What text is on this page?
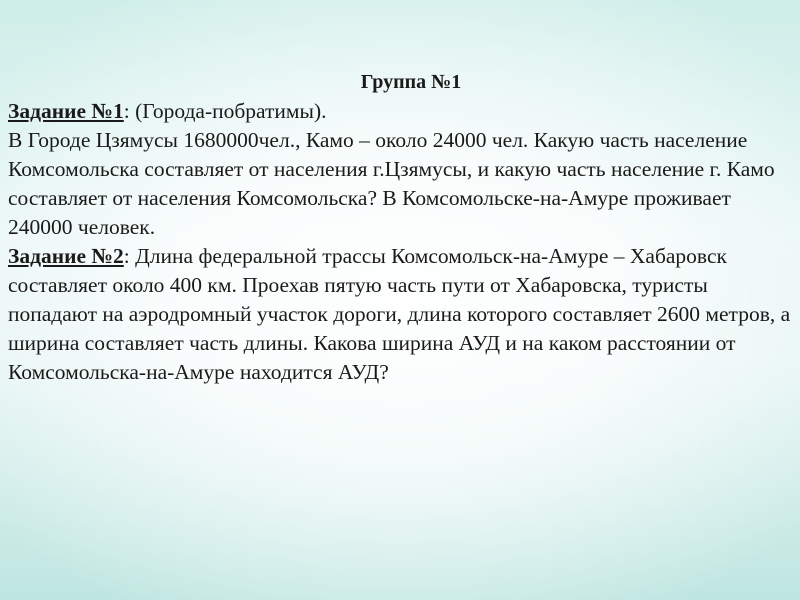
Группа №1

Задание №1: (Города-побратимы).

В Городе Цзямусы 1680000чел., Камо – около 24000 чел. Какую часть население Комсомольска составляет от населения г.Цзямусы, и какую часть население г. Камо составляет от населения Комсомольска? В Комсомольске-на-Амуре проживает 240000 человек.

Задание №2: Длина федеральной трассы Комсомольск-на-Амуре – Хабаровск составляет около 400 км. Проехав пятую часть пути от Хабаровска, туристы попадают на аэродромный участок дороги, длина которого составляет 2600 метров, а ширина составляет часть длины. Какова ширина АУД и на каком расстоянии от Комсомольска-на-Амуре находится АУД?
